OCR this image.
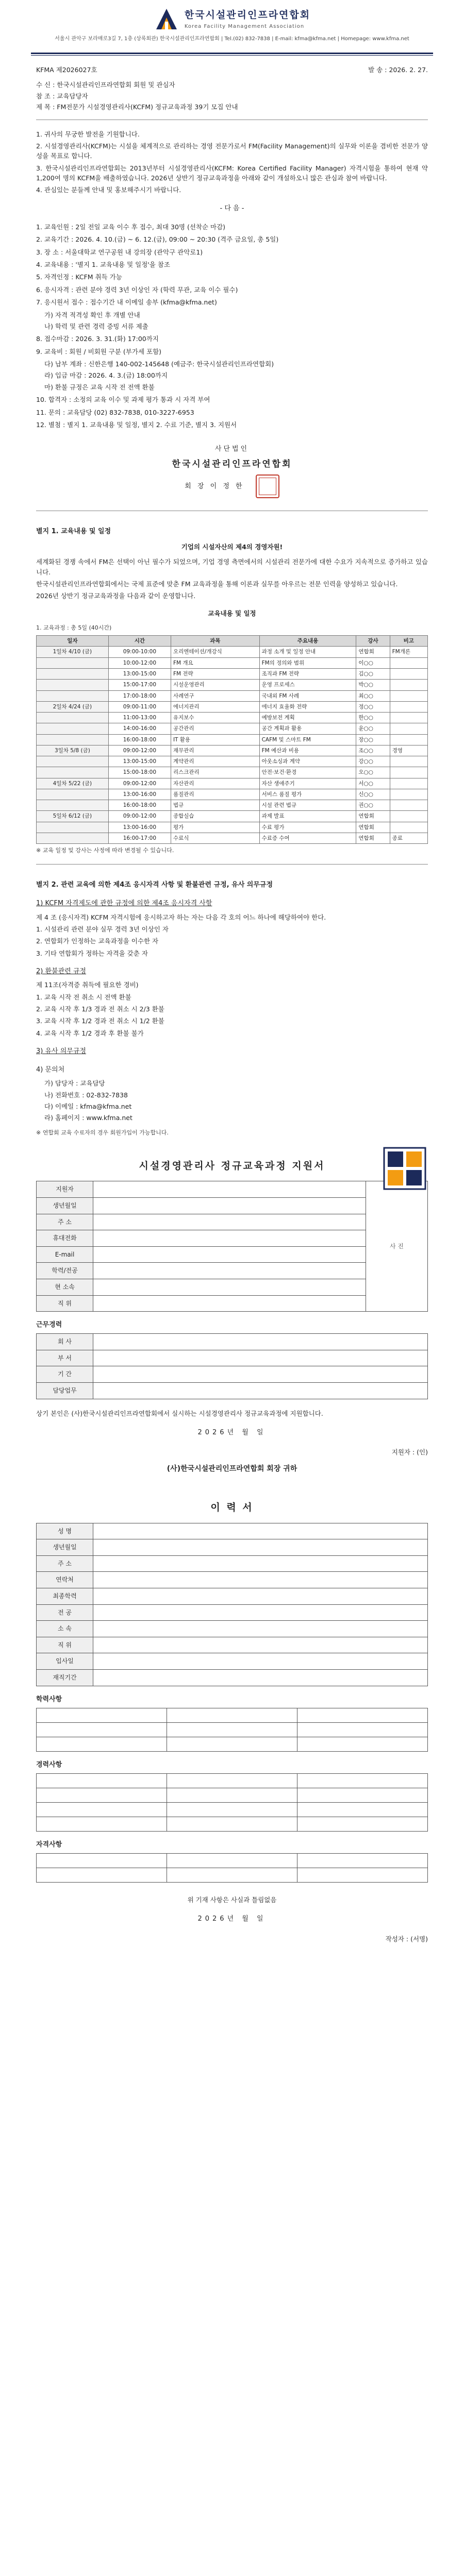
한국시설관리인프라연합회
Korea Facility Management Association
서울시 관악구 보라매로3길 7, 1층 (상록회관) 한국시설관리인프라연합회 | Tel.(02) 832-7838 | E-mail: kfma@kfma.net | Homepage: www.kfma.net
KFMA 제2026027호	발 송 : 2026. 2. 27.
수 신 : 한국시설관리인프라연합회 회원 및 관심자
참 조 : 교육담당자
제 목 : FM전문가 시설경영관리사(KCFM) 정규교육과정 39기 모집 안내

1. 귀사의 무궁한 발전을 기원합니다.

2. 시설경영관리사(KCFM)는 시설을 체계적으로 관리하는 경영 전문가로서 FM(Facility Management)의 실무와 이론을 겸비한 전문가 양성을 목표로 합니다.

3. 한국시설관리인프라연합회는 2013년부터 시설경영관리사(KCFM: Korea Certified Facility Manager) 자격시험을 통하여 현재 약 1,200여 명의 KCFM을 배출하였습니다. 2026년 상반기 정규교육과정을 아래와 같이 개설하오니 많은 관심과 참여 바랍니다.

4. 관심있는 분들께 안내 및 홍보해주시기 바랍니다.

- 다 음 -
1. 교육인원 : 2일 전일 교육 이수 후 접수, 최대 30명 (선착순 마감)
2. 교육기간 : 2026. 4. 10.(금) ~ 6. 12.(금), 09:00 ~ 20:30 (격주 금요일, 총 5일)
3. 장 소 : 서울대학교 연구공원 내 강의장 (관악구 관악로1)
4. 교육내용 : '별지 1. 교육내용 및 일정'을 참조
5. 자격인정 : KCFM 취득 가능
6. 응시자격 : 관련 분야 경력 3년 이상인 자 (학력 무관, 교육 이수 필수)
7. 응시원서 접수 : 접수기간 내 이메일 송부 (kfma@kfma.net)
가) 자격 적격성 확인 후 개별 안내
나) 학력 및 관련 경력 증빙 서류 제출
8. 접수마감 : 2026. 3. 31.(화) 17:00까지
9. 교육비 : 회원 / 비회원 구분 (부가세 포함)
다) 납부 계좌 : 신한은행 140-002-145648 (예금주: 한국시설관리인프라연합회)
라) 입금 마감 : 2026. 4. 3.(금) 18:00까지
마) 환불 규정은 교육 시작 전 전액 환불
10. 합격자 : 소정의 교육 이수 및 과제 평가 통과 시 자격 부여
11. 문의 : 교육담당 (02) 832-7838, 010-3227-6953
12. 별첨 : 별지 1. 교육내용 및 일정, 별지 2. 수료 기준, 별지 3. 지원서
사단법인
한국시설관리인프라연합회
회 장 이 정 한
별지 1. 교육내용 및 일정
기업의 시설자산의 제4의 경영자원!

세계화된 경쟁 속에서 FM은 선택이 아닌 필수가 되었으며, 기업 경영 측면에서의 시설관리 전문가에 대한 수요가 지속적으로 증가하고 있습니다.

한국시설관리인프라연합회에서는 국제 표준에 맞춘 FM 교육과정을 통해 이론과 실무를 아우르는 전문 인력을 양성하고 있습니다.

2026년 상반기 정규교육과정을 다음과 같이 운영합니다.

교육내용 및 일정
1. 교육과정 : 총 5일 (40시간)
일자	시간	과목	주요내용	강사	비고
1일차 4/10 (금)	09:00-10:00	오리엔테이션/개강식	과정 소개 및 일정 안내	연합회	FM개론
	10:00-12:00	FM 개요	FM의 정의와 범위	이○○	
	13:00-15:00	FM 전략	조직과 FM 전략	김○○	
	15:00-17:00	시설운영관리	운영 프로세스	박○○	
	17:00-18:00	사례연구	국내외 FM 사례	최○○	
2일차 4/24 (금)	09:00-11:00	에너지관리	에너지 효율화 전략	정○○	
	11:00-13:00	유지보수	예방보전 계획	한○○	
	14:00-16:00	공간관리	공간 계획과 활용	윤○○	
	16:00-18:00	IT 활용	CAFM 및 스마트 FM	장○○	
3일차 5/8 (금)	09:00-12:00	재무관리	FM 예산과 비용	조○○	경영
	13:00-15:00	계약관리	아웃소싱과 계약	강○○	
	15:00-18:00	리스크관리	안전·보건·환경	오○○	
4일차 5/22 (금)	09:00-12:00	자산관리	자산 생애주기	서○○	
	13:00-16:00	품질관리	서비스 품질 평가	신○○	
	16:00-18:00	법규	시설 관련 법규	권○○	
5일차 6/12 (금)	09:00-12:00	종합실습	과제 발표	연합회	
	13:00-16:00	평가	수료 평가	연합회	
	16:00-17:00	수료식	수료증 수여	연합회	종료
※ 교육 일정 및 강사는 사정에 따라 변경될 수 있습니다.
별지 2. 관련 교육에 의한 제4조 응시자격 사항 및 환불관련 규정, 유사 의무규정
1) KCFM 자격제도에 관한 규정에 의한 제4조 응시자격 사항

제 4 조 (응시자격) KCFM 자격시험에 응시하고자 하는 자는 다음 각 호의 어느 하나에 해당하여야 한다.

1. 시설관리 관련 분야 실무 경력 3년 이상인 자

2. 연합회가 인정하는 교육과정을 이수한 자

3. 기타 연합회가 정하는 자격을 갖춘 자

2) 환불관련 규정

제 11조(자격증 취득에 필요한 경비)

1. 교육 시작 전 취소 시 전액 환불

2. 교육 시작 후 1/3 경과 전 취소 시 2/3 환불

3. 교육 시작 후 1/2 경과 전 취소 시 1/2 환불

4. 교육 시작 후 1/2 경과 후 환불 불가

3) 유사 의무규정
4) 문의처
가) 담당자 : 교육담당
나) 전화번호 : 02-832-7838
다) 이메일 : kfma@kfma.net
라) 홈페이지 : www.kfma.net

※ 연합회 교육 수료자의 경우 회원가입이 가능합니다.

시설경영관리사 정규교육과정 지원서
지원자		사 진
생년월일		
주 소		
휴대전화		
E-mail		
학력/전공		
현 소속		
직 위		
근무경력
회 사	
부 서	
기 간	
담당업무	

상기 본인은 (사)한국시설관리인프라연합회에서 실시하는 시설경영관리사 정규교육과정에 지원합니다.

2026년 월 일
지원자 : (인)
(사)한국시설관리인프라연합회 회장 귀하
이 력 서
성 명	
생년월일	
주 소	
연락처	
최종학력	
전 공	
소 속	
직 위	
입사일	
재직기간	
학력사항

경력사항

자격사항

위 기재 사항은 사실과 틀림없음
2026년 월 일
작성자 : (서명)
